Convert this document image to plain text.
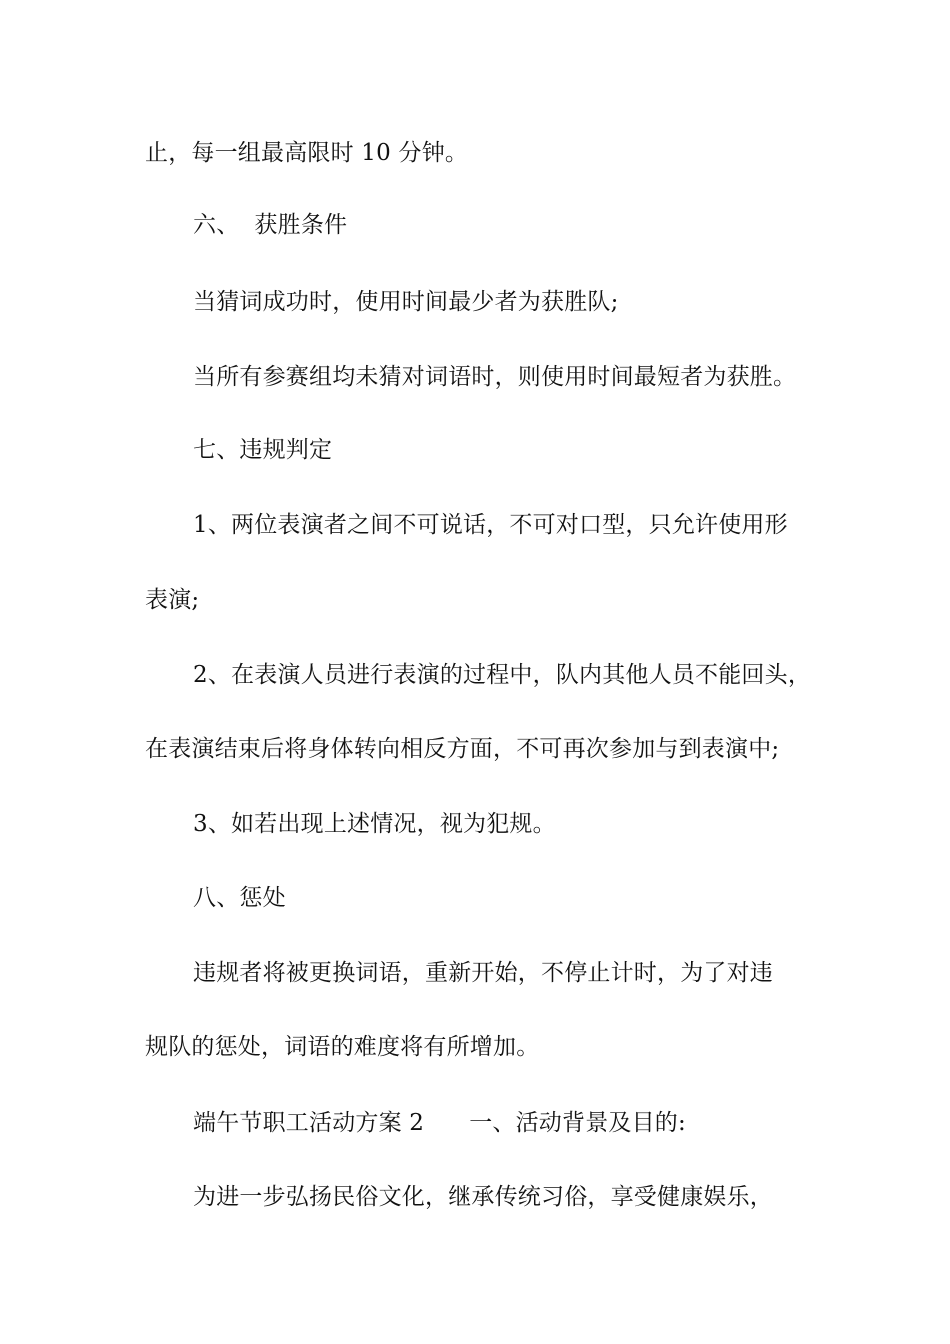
止，每一组最高限时 10 分钟。
六、  获胜条件
当猜词成功时，使用时间最少者为获胜队;
当所有参赛组均未猜对词语时，则使用时间最短者为获胜。
七、违规判定
1、两位表演者之间不可说话，不可对口型，只允许使用形
表演;
2、在表演人员进行表演的过程中，队内其他人员不能回头，
在表演结束后将身体转向相反方面，不可再次参加与到表演中;
3、如若出现上述情况，视为犯规。
八、惩处
违规者将被更换词语，重新开始，不停止计时，为了对违
规队的惩处，词语的难度将有所增加。
端午节职工活动方案 2      一、活动背景及目的:
为进一步弘扬民俗文化，继承传统习俗，享受健康娱乐，
